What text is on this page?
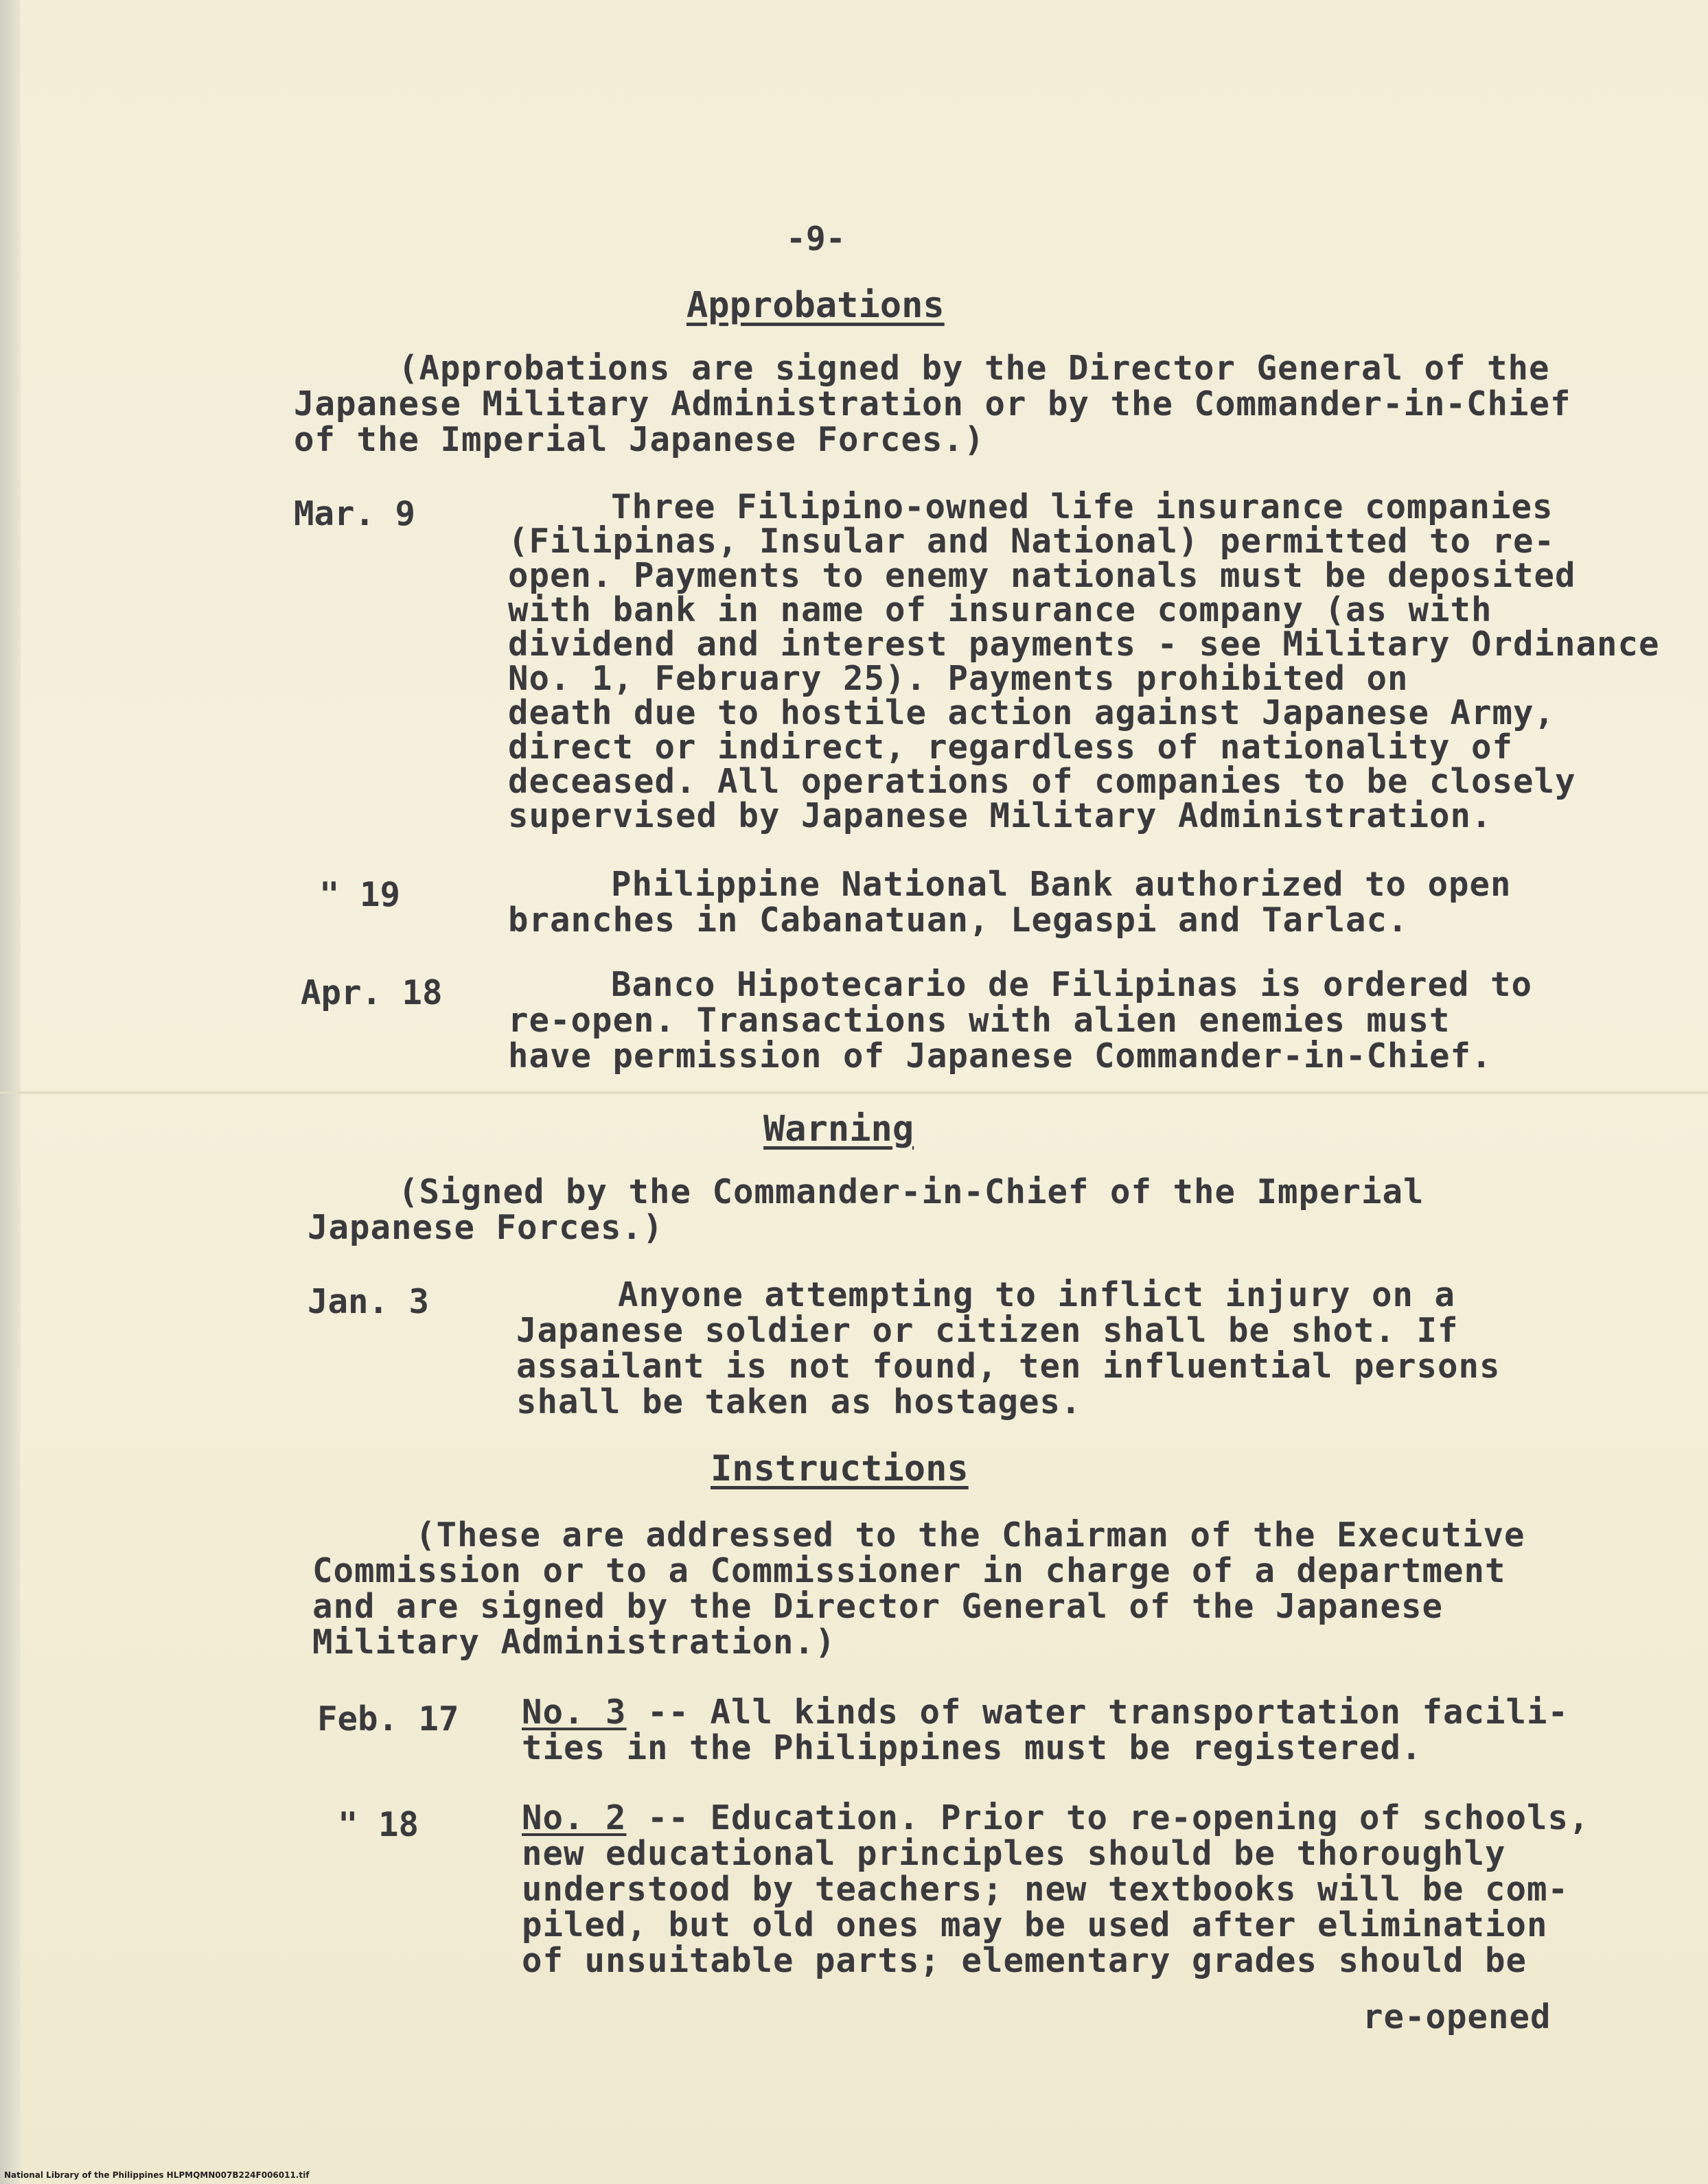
-9-
Approbations
(Approbations are signed by the Director General of the
Japanese Military Administration or by the Commander-in-Chief
of the Imperial Japanese Forces.)
Mar. 9	Three Filipino-owned life insurance companies
(Filipinas, Insular and National) permitted to re-
open. Payments to enemy nationals must be deposited
with bank in name of insurance company (as with
dividend and interest payments - see Military Ordinance
No. 1, February 25). Payments prohibited on
death due to hostile action against Japanese Army,
direct or indirect, regardless of nationality of
deceased. All operations of companies to be closely
supervised by Japanese Military Administration.
" 19	Philippine National Bank authorized to open
branches in Cabanatuan, Legaspi and Tarlac.
Apr. 18	Banco Hipotecario de Filipinas is ordered to
re-open. Transactions with alien enemies must
have permission of Japanese Commander-in-Chief.
Warning
(Signed by the Commander-in-Chief of the Imperial
Japanese Forces.)
Jan. 3	Anyone attempting to inflict injury on a
Japanese soldier or citizen shall be shot. If
assailant is not found, ten influential persons
shall be taken as hostages.
Instructions
(These are addressed to the Chairman of the Executive
Commission or to a Commissioner in charge of a department
and are signed by the Director General of the Japanese
Military Administration.)
Feb. 17 No. 3 -- All kinds of water transportation facili-
ties in the Philippines must be registered.
" 18	No. 2 -- Education. Prior to re-opening of schools,
new educational principles should be thoroughly
understood by teachers; new textbooks will be com-
piled, but old ones may be used after elimination
of unsuitable parts; elementary grades should be
re-opened
National Library of the Philippines HLPMQMN007B224F006011.tif
